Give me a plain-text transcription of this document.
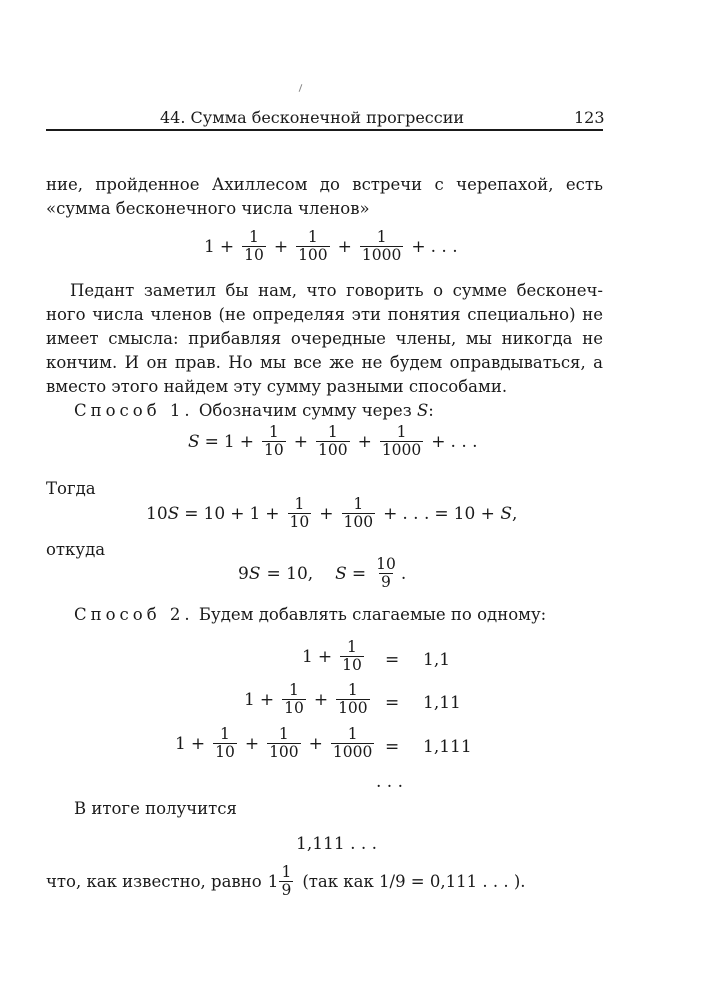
44. Сумма бесконечной прогрессии	123
ние, пройденное Ахиллесом до встречи с черепахой, есть
«сумма бесконечного числа членов»
$1 + \frac{1}{10} + \frac{1}{100} + \frac{1}{1000}$ + . . .
Педант заметил бы нам, что говорить о сумме бесконеч-
ного числа членов (не определяя эти понятия специально) не
имеет смысла: прибавляя очередные члены, мы никогда не
кончим. И он прав. Но мы все же не будем оправдываться, а
вместо этого найдем эту сумму разными способами.
Способ 1. Обозначим сумму через S:
$S = 1 + \frac{1}{10} + \frac{1}{100} + \frac{1}{1000}$ + . . .
Тогда
10 $S = 10 + 1 + \frac{1}{10} + \frac{1}{100}$ + . . . = 10 +
S ,
откуда
9 S = 10, $S = \frac{10}{9}$ .
Способ 2. Будем добавлять слагаемые по одному:
$1 + \frac{1}{10} = 1,1$
$1 + \frac{1}{10} + \frac{1}{100} = 1,11$
$1 + \frac{1}{10} + \frac{1}{100} + \frac{1}{1000} = 1,111$
. . .
В итоге получится
1,111 . . .
что, как известно, равно $1 \frac{1}{9} (так$ как 1/9 = 0,111 . . . ).
